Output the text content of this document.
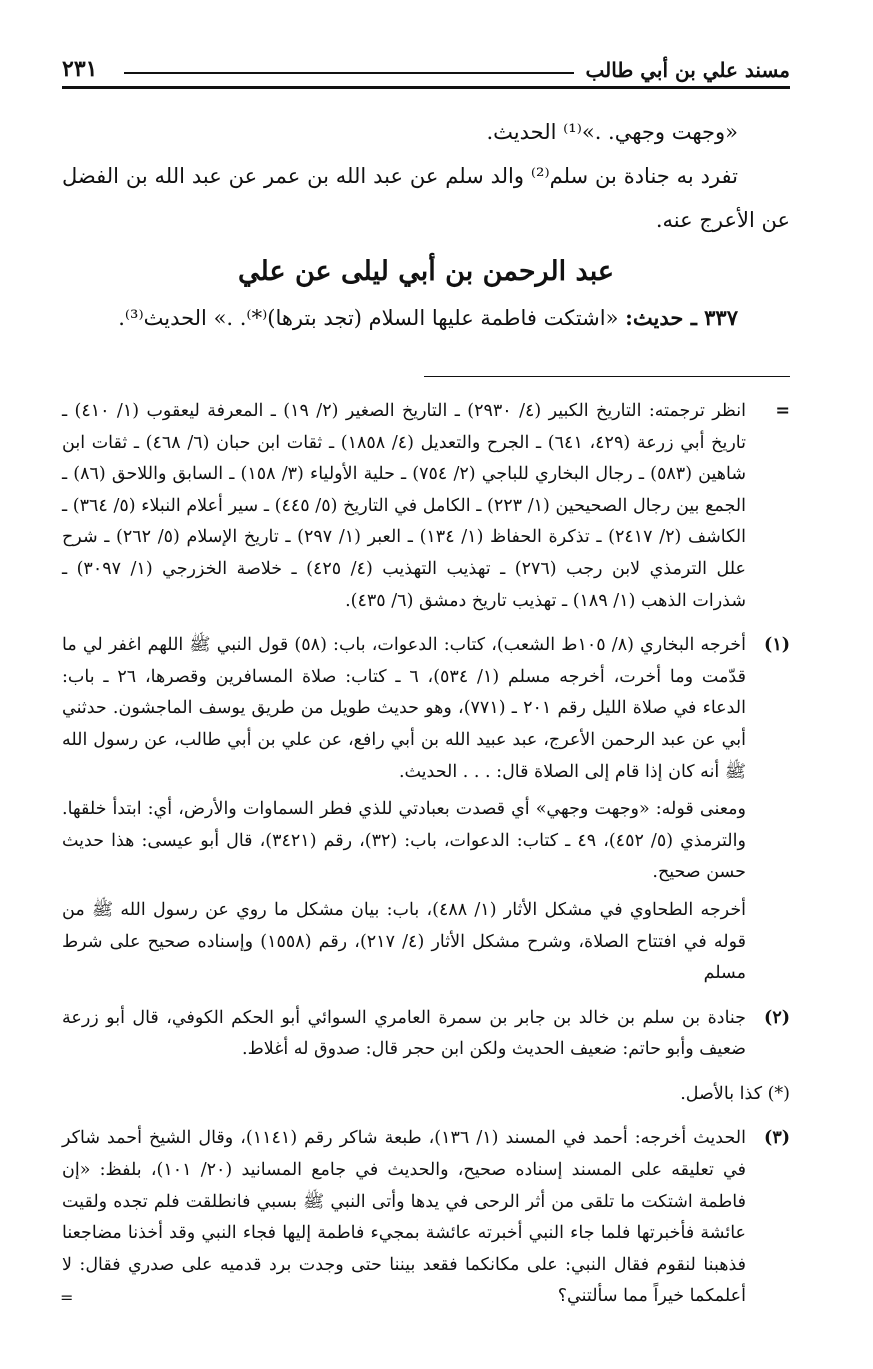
مسند علي بن أبي طالب
٢٣١

«وجهت وجهي. .»⁽¹⁾ الحديث.

تفرد به جنادة بن سلم⁽²⁾ والد سلم عن عبد الله بن عمر عن عبد الله بن الفضل عن الأعرج عنه.

عبد الرحمن بن أبي ليلى عن علي

٣٣٧ ـ حديث: «اشتكت فاطمة عليها السلام (تجد بترها)⁽*⁾. .» الحديث⁽³⁾.

=

انظر ترجمته: التاريخ الكبير (٤/ ٢٩٣٠) ـ التاريخ الصغير (٢/ ١٩) ـ المعرفة ليعقوب (١/ ٤١٠) ـ تاريخ أبي زرعة (٤٢٩، ٦٤١) ـ الجرح والتعديل (٤/ ١٨٥٨) ـ ثقات ابن حبان (٦/ ٤٦٨) ـ ثقات ابن شاهين (٥٨٣) ـ رجال البخاري للباجي (٢/ ٧٥٤) ـ حلية الأولياء (٣/ ١٥٨) ـ السابق واللاحق (٨٦) ـ الجمع بين رجال الصحيحين (١/ ٢٢٣) ـ الكامل في التاريخ (٥/ ٤٤٥) ـ سير أعلام النبلاء (٥/ ٣٦٤) ـ الكاشف (٢/ ٢٤١٧) ـ تذكرة الحفاظ (١/ ١٣٤) ـ العبر (١/ ٢٩٧) ـ تاريخ الإسلام (٥/ ٢٦٢) ـ شرح علل الترمذي لابن رجب (٢٧٦) ـ تهذيب التهذيب (٤/ ٤٢٥) ـ خلاصة الخزرجي (١/ ٣٠٩٧) ـ شذرات الذهب (١/ ١٨٩) ـ تهذيب تاريخ دمشق (٦/ ٤٣٥).

(١)

أخرجه البخاري (٨/ ١٠٥ط الشعب)، كتاب: الدعوات، باب: (٥٨) قول النبي ﷺ اللهم اغفر لي ما قدّمت وما أخرت، أخرجه مسلم (١/ ٥٣٤)، ٦ ـ كتاب: صلاة المسافرين وقصرها، ٢٦ ـ باب: الدعاء في صلاة الليل رقم ٢٠١ ـ (٧٧١)، وهو حديث طويل من طريق يوسف الماجشون. حدثني أبي عن عبد الرحمن الأعرج، عبد عبيد الله بن أبي رافع، عن علي بن أبي طالب، عن رسول الله ﷺ أنه كان إذا قام إلى الصلاة قال: . . . الحديث.

ومعنى قوله: «وجهت وجهي» أي قصدت بعبادتي للذي فطر السماوات والأرض، أي: ابتدأ خلقها. والترمذي (٥/ ٤٥٢)، ٤٩ ـ كتاب: الدعوات، باب: (٣٢)، رقم (٣٤٢١)، قال أبو عيسى: هذا حديث حسن صحيح.

أخرجه الطحاوي في مشكل الأثار (١/ ٤٨٨)، باب: بيان مشكل ما روي عن رسول الله ﷺ من قوله في افتتاح الصلاة، وشرح مشكل الأثار (٤/ ٢١٧)، رقم (١٥٥٨) وإسناده صحيح على شرط مسلم

(٢)

جنادة بن سلم بن خالد بن جابر بن سمرة العامري السوائي أبو الحكم الكوفي، قال أبو زرعة ضعيف وأبو حاتم: ضعيف الحديث ولكن ابن حجر قال: صدوق له أغلاط.

(*) كذا بالأصل.

(٣)

الحديث أخرجه: أحمد في المسند (١/ ١٣٦)، طبعة شاكر رقم (١١٤١)، وقال الشيخ أحمد شاكر في تعليقه على المسند إسناده صحيح، والحديث في جامع المسانيد (٢٠/ ١٠١)، بلفظ: «إن فاطمة اشتكت ما تلقى من أثر الرحى في يدها وأتى النبي ﷺ بسبي فانطلقت فلم تجده ولقيت عائشة فأخبرتها فلما جاء النبي أخبرته عائشة بمجيء فاطمة إليها فجاء النبي وقد أخذنا مضاجعنا فذهبنا لنقوم فقال النبي: على مكانكما فقعد بيننا حتى وجدت برد قدميه على صدري فقال: لا أعلمكما خيراً مما سألتني؟

=
